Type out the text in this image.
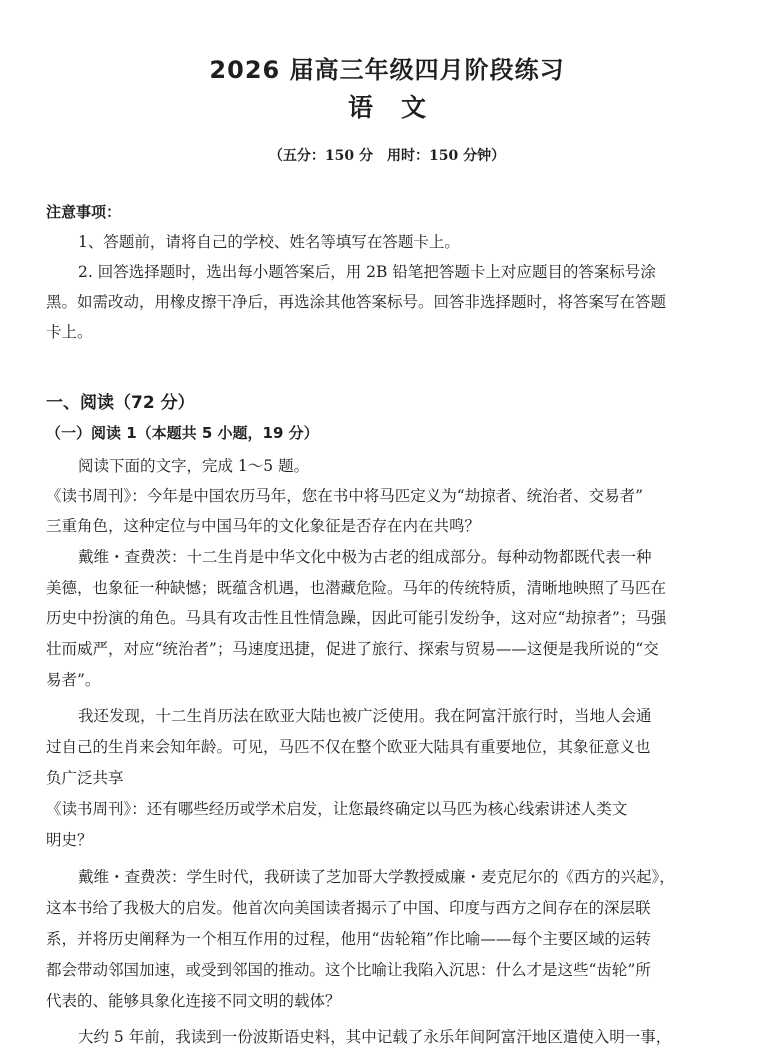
2026 届高三年级四月阶段练习
语文
（五分：150 分　用时：150 分钟）
注意事项：
1、答题前，请将自己的学校、姓名等填写在答题卡上。
2. 回答选择题时，选出每小题答案后，用 2B 铅笔把答题卡上对应题目的答案标号涂
黑。如需改动，用橡皮擦干净后，再选涂其他答案标号。回答非选择题时，将答案写在答题
卡上。
一、阅读（72 分）
（一）阅读 1（本题共 5 小题，19 分）
阅读下面的文字，完成 1～5 题。
《读书周刊》：今年是中国农历马年，您在书中将马匹定义为“劫掠者、统治者、交易者”
三重角色，这种定位与中国马年的文化象征是否存在内在共鸣？
戴维・查费茨：十二生肖是中华文化中极为古老的组成部分。每种动物都既代表一种
美德，也象征一种缺憾；既蕴含机遇，也潜藏危险。马年的传统特质，清晰地映照了马匹在
历史中扮演的角色。马具有攻击性且性情急躁，因此可能引发纷争，这对应“劫掠者”；马强
壮而威严，对应“统治者”；马速度迅捷，促进了旅行、探索与贸易——这便是我所说的“交
易者”。
我还发现，十二生肖历法在欧亚大陆也被广泛使用。我在阿富汗旅行时，当地人会通
过自己的生肖来会知年龄。可见，马匹不仅在整个欧亚大陆具有重要地位，其象征意义也
负广泛共享
《读书周刊》：还有哪些经历或学术启发，让您最终确定以马匹为核心线索讲述人类文
明史？
戴维・查费茨：学生时代，我研读了芝加哥大学教授威廉・麦克尼尔的《西方的兴起》，
这本书给了我极大的启发。他首次向美国读者揭示了中国、印度与西方之间存在的深层联
系，并将历史阐释为一个相互作用的过程，他用“齿轮箱”作比喻——每个主要区域的运转
都会带动邻国加速，或受到邻国的推动。这个比喻让我陷入沉思：什么才是这些“齿轮”所
代表的、能够具象化连接不同文明的载体？
大约 5 年前，我读到一份波斯语史料，其中记载了永乐年间阿富汗地区遣使入明一事，
